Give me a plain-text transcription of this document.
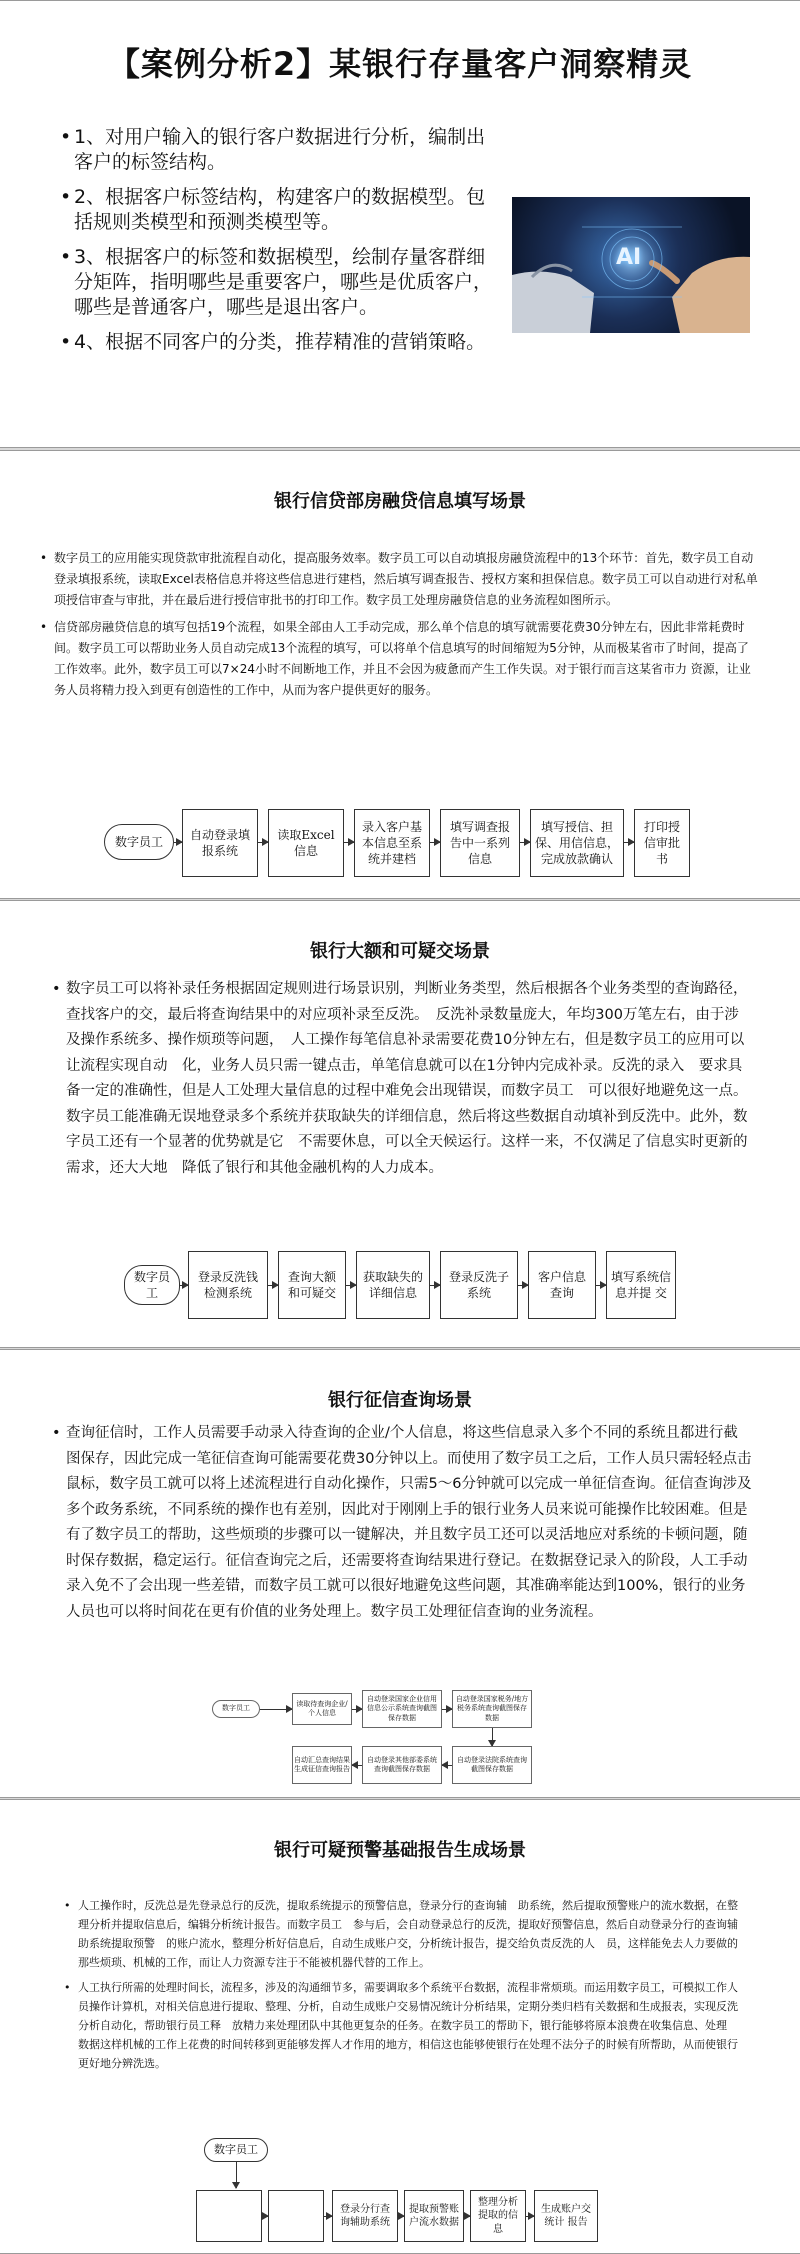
【案例分析2】某银行存量客户洞察精灵
• 1、对用户输入的银行客户数据进行分析，编制出客户的标签结构。
• 2、根据客户标签结构，构建客户的数据模型。包括规则类模型和预测类模型等。
• 3、根据客户的标签和数据模型，绘制存量客群细分矩阵，指明哪些是重要客户，哪些是优质客户，哪些是普通客户，哪些是退出客户。
• 4、根据不同客户的分类，推荐精准的营销策略。
AI
银行信贷部房融贷信息填写场景
• 数字员工的应用能实现贷款审批流程自动化，提高服务效率。数字员工可以自动填报房融贷流程中的13个环节：首先，数字员工自动登录填报系统，读取Excel表格信息并将这些信息进行建档，然后填写调查报告、授权方案和担保信息。数字员工可以自动进行对私单项授信审查与审批，并在最后进行授信审批书的打印工作。数字员工处理房融贷信息的业务流程如图所示。
• 信贷部房融贷信息的填写包括19个流程，如果全部由人工手动完成，那么单个信息的填写就需要花费30分钟左右，因此非常耗费时间。数字员工可以帮助业务人员自动完成13个流程的填写，可以将单个信息填写的时间缩短为5分钟，从而极某省市了时间，提高了工作效率。此外，数字员工可以7×24小时不间断地工作，并且不会因为疲惫而产生工作失误。对于银行而言这某省市力 资源，让业务人员将精力投入到更有创造性的工作中，从而为客户提供更好的服务。
数字员工
自动登录填报系统
读取Excel信息
录入客户基本信息至系统并建档
填写调查报告中一系列信息
填写授信、担保、用信信息，完成放款确认
打印授信审批书
银行大额和可疑交场景
• 数字员工可以将补录任务根据固定规则进行场景识别，判断业务类型，然后根据各个业务类型的查询路径，查找客户的交，最后将查询结果中的对应项补录至反洗。　反洗补录数量庞大，年均300万笔左右，由于涉及操作系统多、操作烦琐等问题，　人工操作每笔信息补录需要花费10分钟左右，但是数字员工的应用可以让流程实现自动　化，业务人员只需一键点击，单笔信息就可以在1分钟内完成补录。反洗的录入　要求具备一定的准确性，但是人工处理大量信息的过程中难免会出现错误，而数字员工　可以很好地避免这一点。数字员工能准确无误地登录多个系统并获取缺失的详细信息，然后将这些数据自动填补到反洗中。此外，数字员工还有一个显著的优势就是它　不需要休息，可以全天候运行。这样一来，不仅满足了信息实时更新的需求，还大大地　降低了银行和其他金融机构的人力成本。
数字员工
登录反洗钱检测系统
查询大额和可疑交
获取缺失的详细信息
登录反洗子系统
客户信息查询
填写系统信息并提 交
银行征信查询场景
• 查询征信时，工作人员需要手动录入待查询的企业/个人信息，将这些信息录入多个不同的系统且都进行截图保存，因此完成一笔征信查询可能需要花费30分钟以上。而使用了数字员工之后，工作人员只需轻轻点击鼠标，数字员工就可以将上述流程进行自动化操作，只需5～6分钟就可以完成一单征信查询。征信查询涉及多个政务系统，不同系统的操作也有差别，因此对于刚刚上手的银行业务人员来说可能操作比较困难。但是有了数字员工的帮助，这些烦琐的步骤可以一键解决，并且数字员工还可以灵活地应对系统的卡顿问题，随时保存数据，稳定运行。征信查询完之后，还需要将查询结果进行登记。在数据登记录入的阶段，人工手动录入免不了会出现一些差错，而数字员工就可以很好地避免这些问题，其准确率能达到100%，银行的业务人员也可以将时间花在更有价值的业务处理上。数字员工处理征信查询的业务流程。
数字员工
读取待查询企业/个人信息
自动登录国家企业信用信息公示系统查询截图保存数据
自动登录国家税务/地方税务系统查询截图保存数据
自动登录法院系统查询截图保存数据
自动登录其他部委系统查询截图保存数据
自动汇总查询结果生成征信查询报告
银行可疑预警基础报告生成场景
• 人工操作时，反洗总是先登录总行的反洗，提取系统提示的预警信息，登录分行的查询辅　助系统，然后提取预警账户的流水数据，在整理分析并提取信息后，编辑分析统计报告。而数字员工　参与后，会自动登录总行的反洗，提取好预警信息，然后自动登录分行的查询辅助系统提取预警　的账户流水，整理分析好信息后，自动生成账户交，分析统计报告，提交给负责反洗的人　员，这样能免去人力要做的那些烦琐、机械的工作，而让人力资源专注于不能被机器代替的工作上。
• 人工执行所需的处理时间长，流程多，涉及的沟通细节多，需要调取多个系统平台数据，流程非常烦琐。而运用数字员工，可模拟工作人员操作计算机，对相关信息进行提取、整理、分析，自动生成账户交易情况统计分析结果，定期分类归档有关数据和生成报表，实现反洗分析自动化，帮助银行员工释　放精力来处理团队中其他更复杂的任务。在数字员工的帮助下，银行能够将原本浪费在收集信息、处理　数据这样机械的工作上花费的时间转移到更能够发挥人才作用的地方，相信这也能够使银行在处理不法分子的时候有所帮助，从而使银行更好地分辨洗选。
数字员工
登录分行查询辅助系统
提取预警账户流水数据
整理分析提取的信息
生成账户交 统计 报告
